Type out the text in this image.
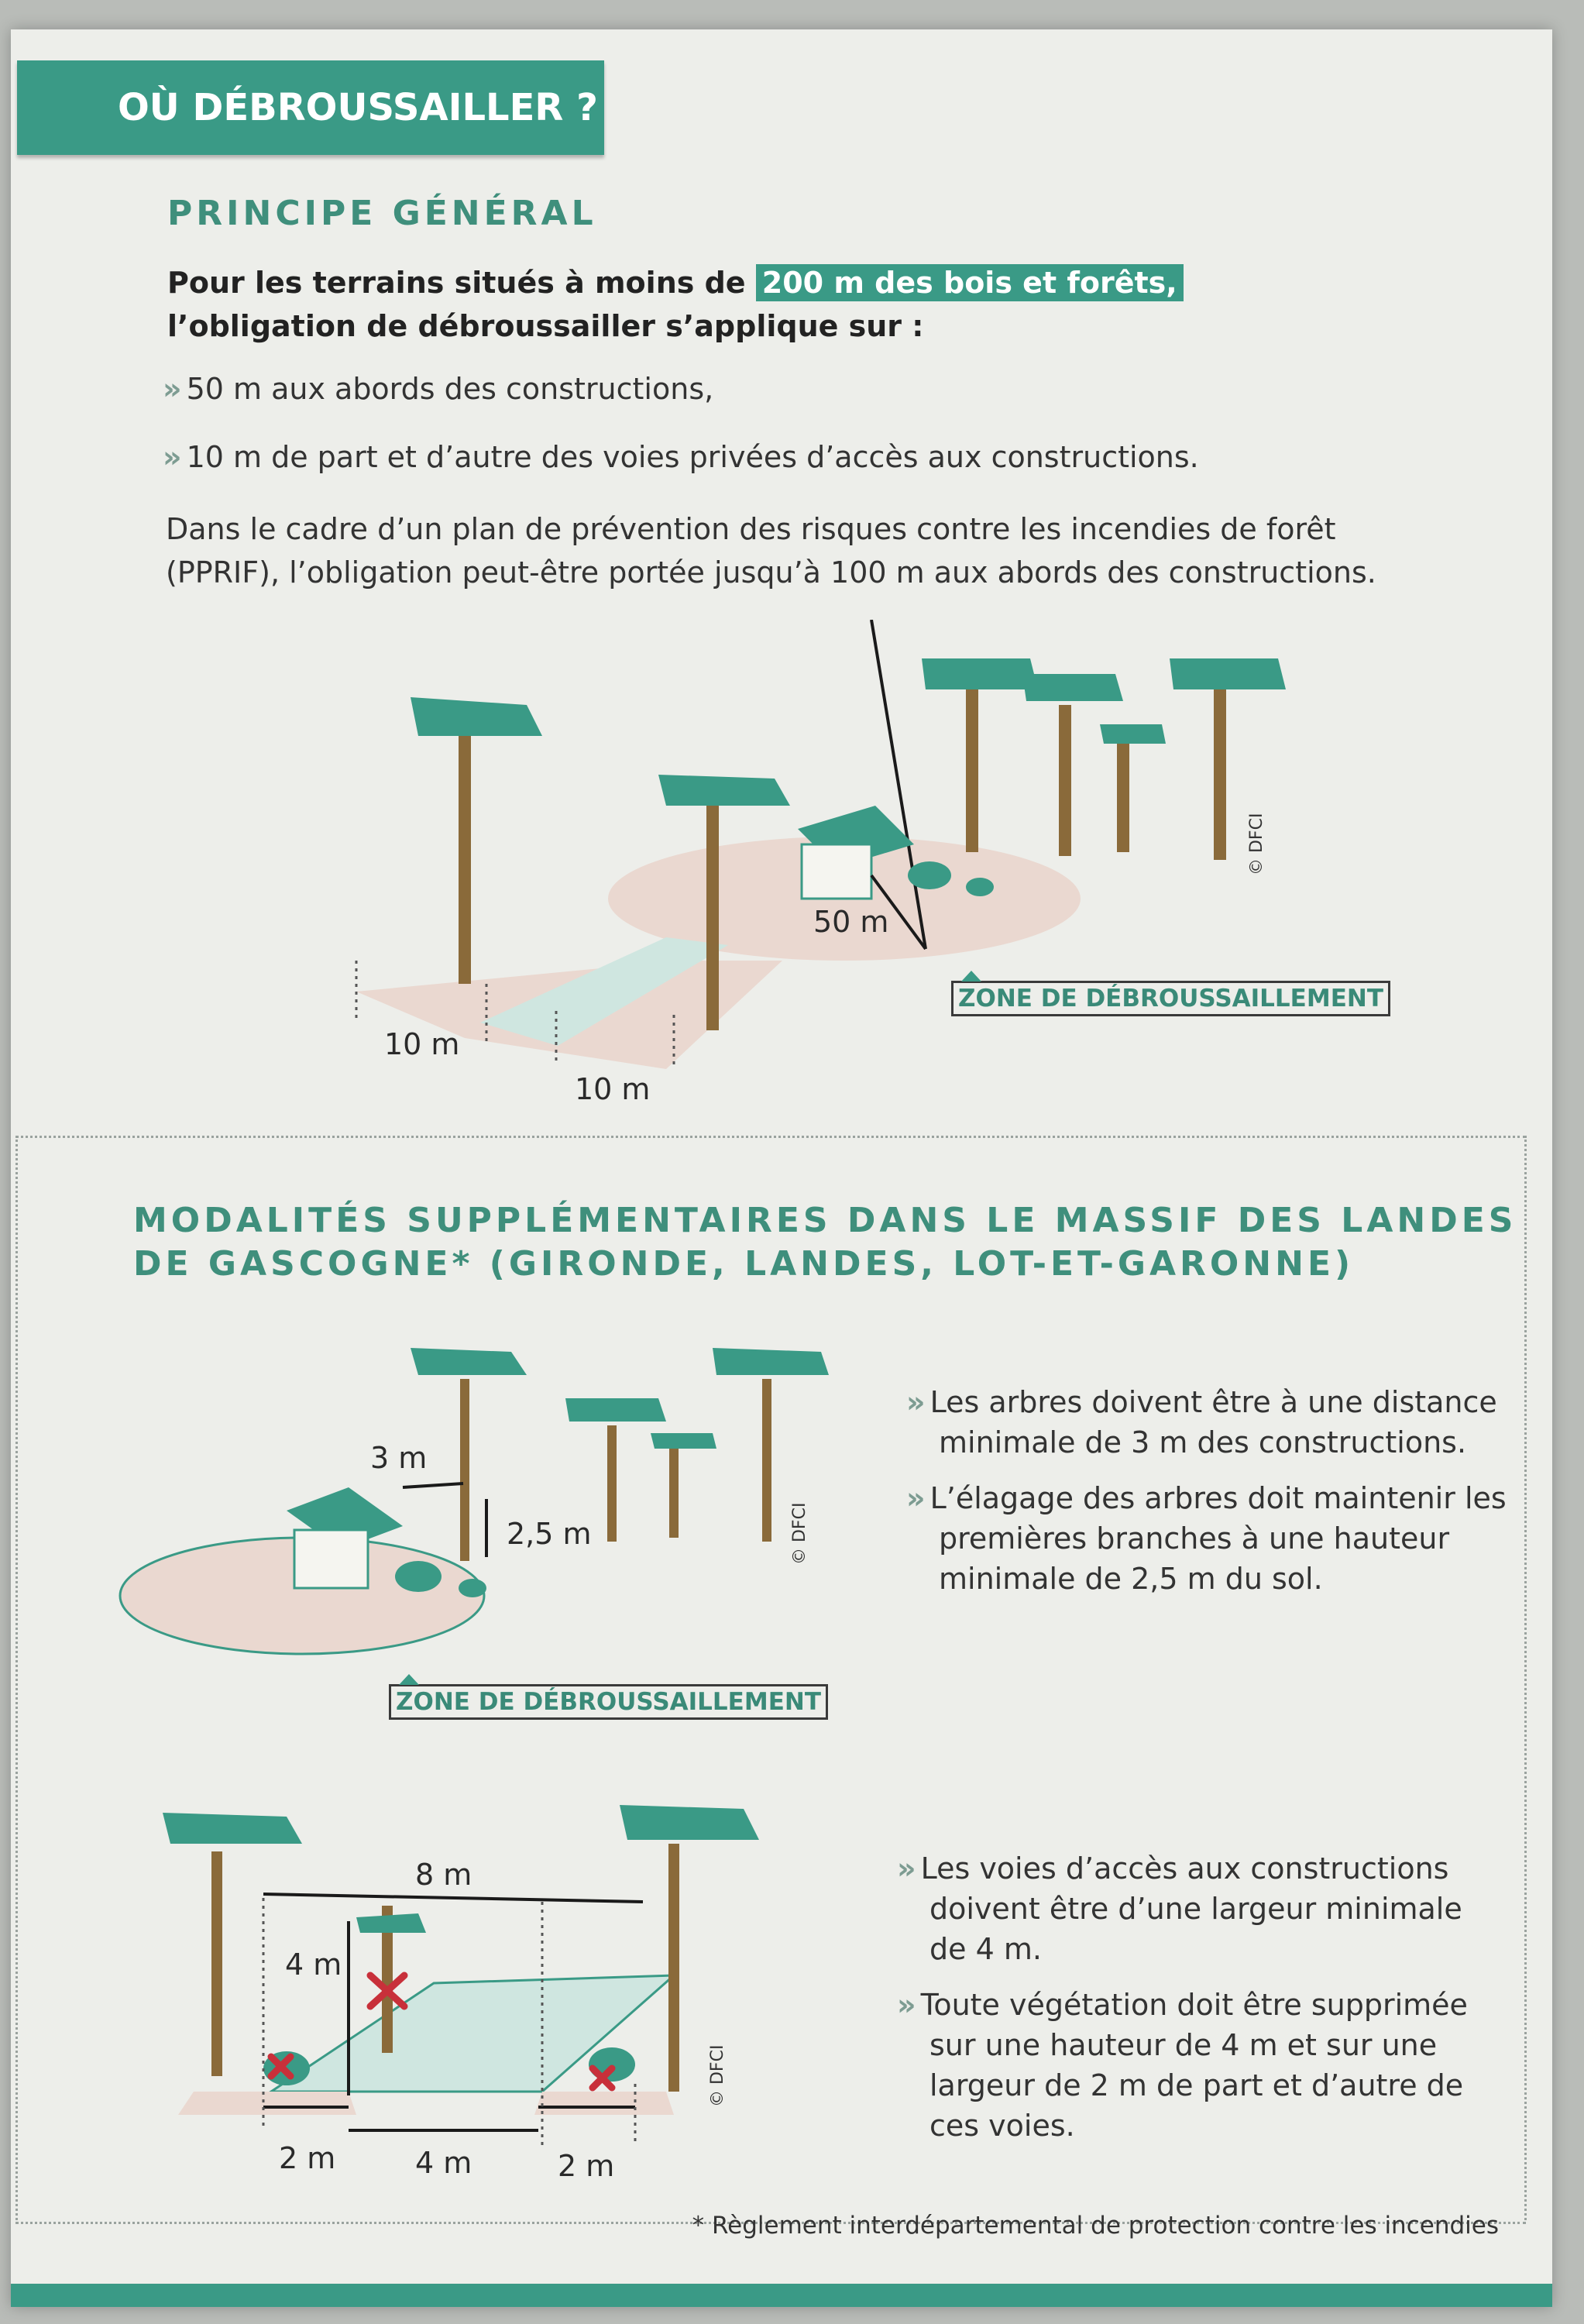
OÙ DÉBROUSSAILLER ?
PRINCIPE GÉNÉRAL
Pour les terrains situés à moins de 200 m des bois et forêts,
l’obligation de débroussailler s’applique sur :
» 50 m aux abords des constructions,
» 10 m de part et d’autre des voies privées d’accès aux constructions.
Dans le cadre d’un plan de prévention des risques contre les incendies de forêt
(PPRIF), l’obligation peut-être portée jusqu’à 100 m aux abords des constructions.
50 m
10 m
10 m
ZONE DE DÉBROUSSAILLEMENT
© DFCI
MODALITÉS SUPPLÉMENTAIRES DANS LE MASSIF DES LANDES
DE GASCOGNE* (GIRONDE, LANDES, LOT-ET-GARONNE)
3 m
2,5 m
ZONE DE DÉBROUSSAILLEMENT
© DFCI

» Les arbres doivent être à une distance minimale de 3 m des constructions.

» L’élagage des arbres doit maintenir les premières branches à une hauteur minimale de 2,5 m du sol.

8 m
4 m
2 m	4 m	2 m
© DFCI

» Les voies d’accès aux constructions doivent être d’une largeur minimale de 4 m.

» Toute végétation doit être supprimée sur une hauteur de 4 m et sur une largeur de 2 m de part et d’autre de ces voies.

* Règlement interdépartemental de protection contre les incendies
